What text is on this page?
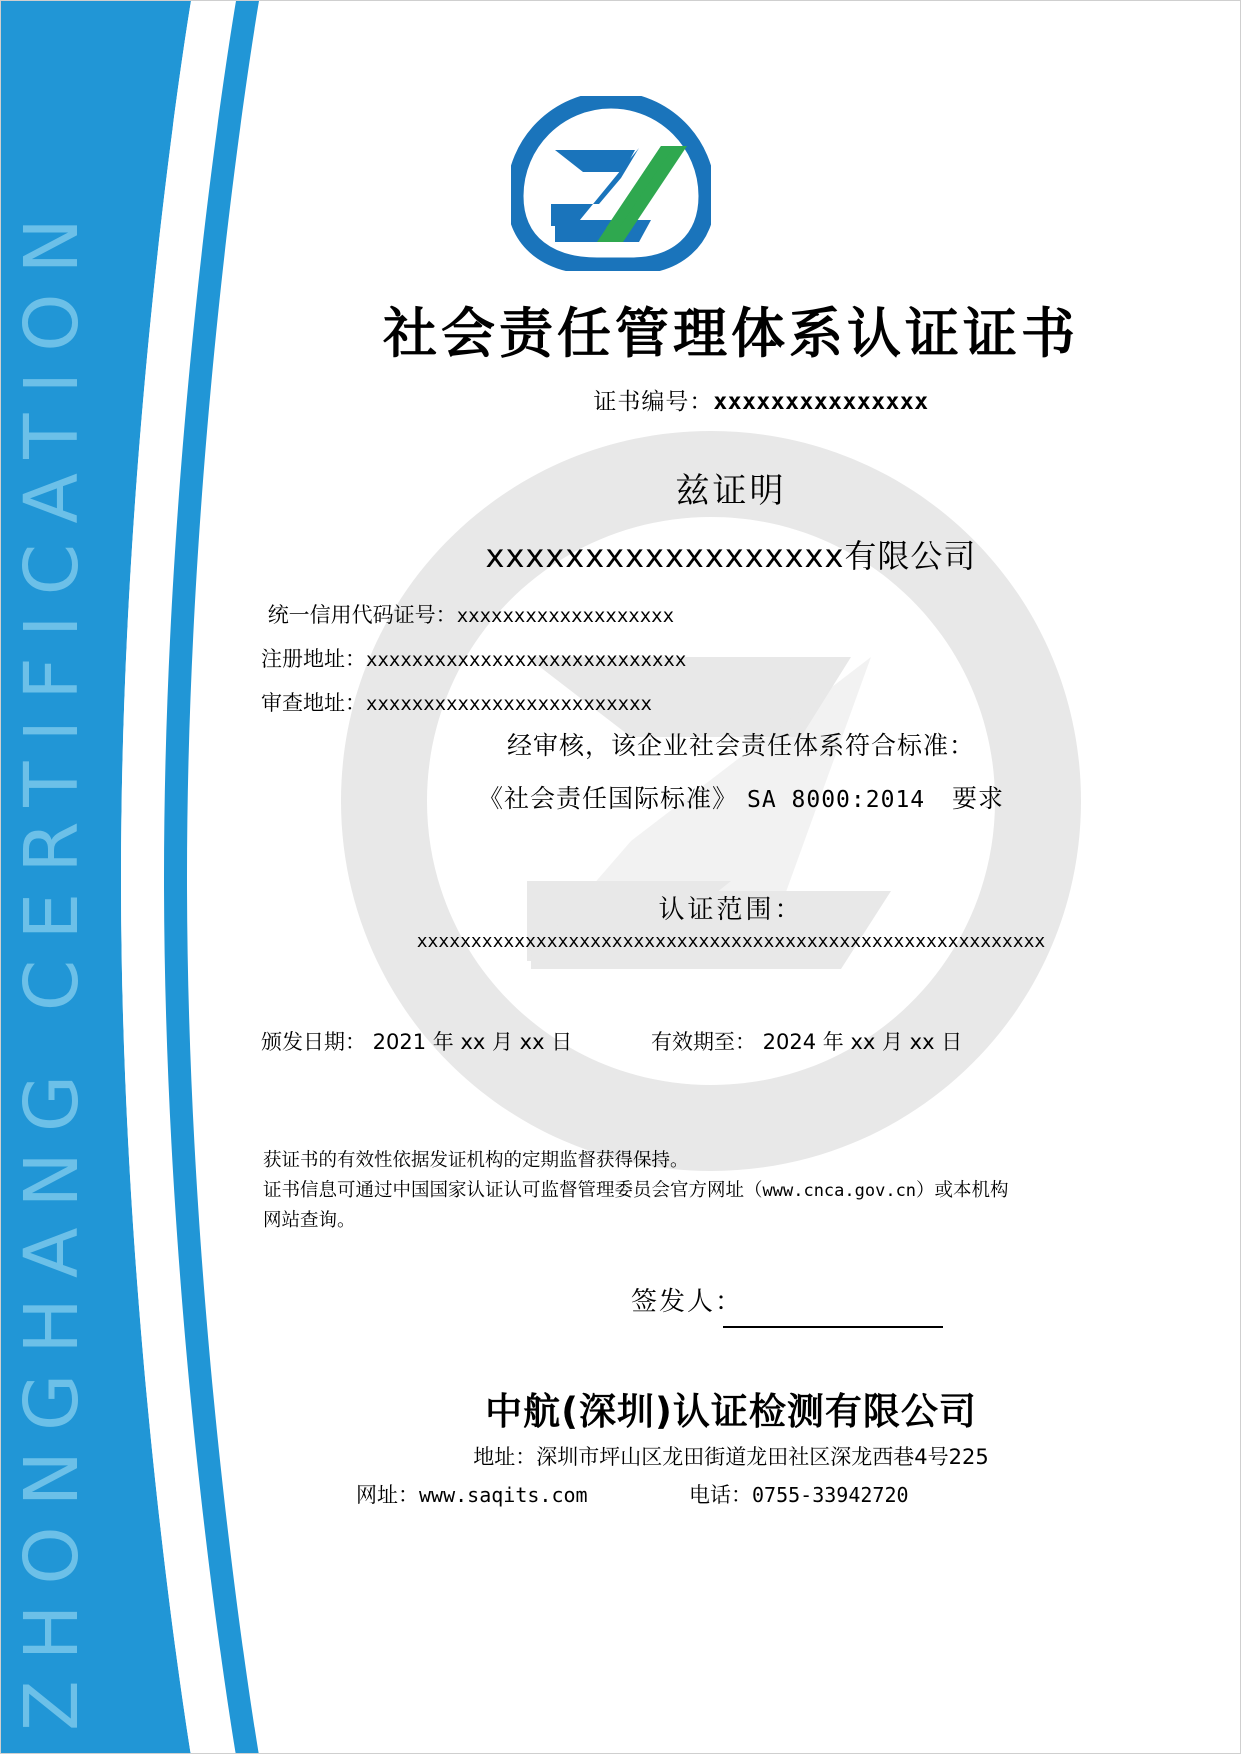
ZHONGHANG CERTIFICATION	社会责任管理体系认证证书
证书编号：xxxxxxxxxxxxxxx
兹证明
xxxxxxxxxxxxxxxxxx有限公司
统一信用代码证号：xxxxxxxxxxxxxxxxxxx
注册地址：xxxxxxxxxxxxxxxxxxxxxxxxxxxx
审查地址：xxxxxxxxxxxxxxxxxxxxxxxxx
经审核，该企业社会责任体系符合标准：
《社会责任国际标准》 SA 8000:2014 要求
认证范围：
xxxxxxxxxxxxxxxxxxxxxxxxxxxxxxxxxxxxxxxxxxxxxxxxxxxxxxxxxx
颁发日期： 2021 年 xx 月 xx 日	有效期至： 2024 年 xx 月 xx 日
获证书的有效性依据发证机构的定期监督获得保持。
证书信息可通过中国国家认证认可监督管理委员会官方网址（www.cnca.gov.cn）或本机构
网站查询。
签发人：
中航(深圳)认证检测有限公司
地址：深圳市坪山区龙田街道龙田社区深龙西巷4号225
网址：www.saqits.com	电话：0755-33942720
